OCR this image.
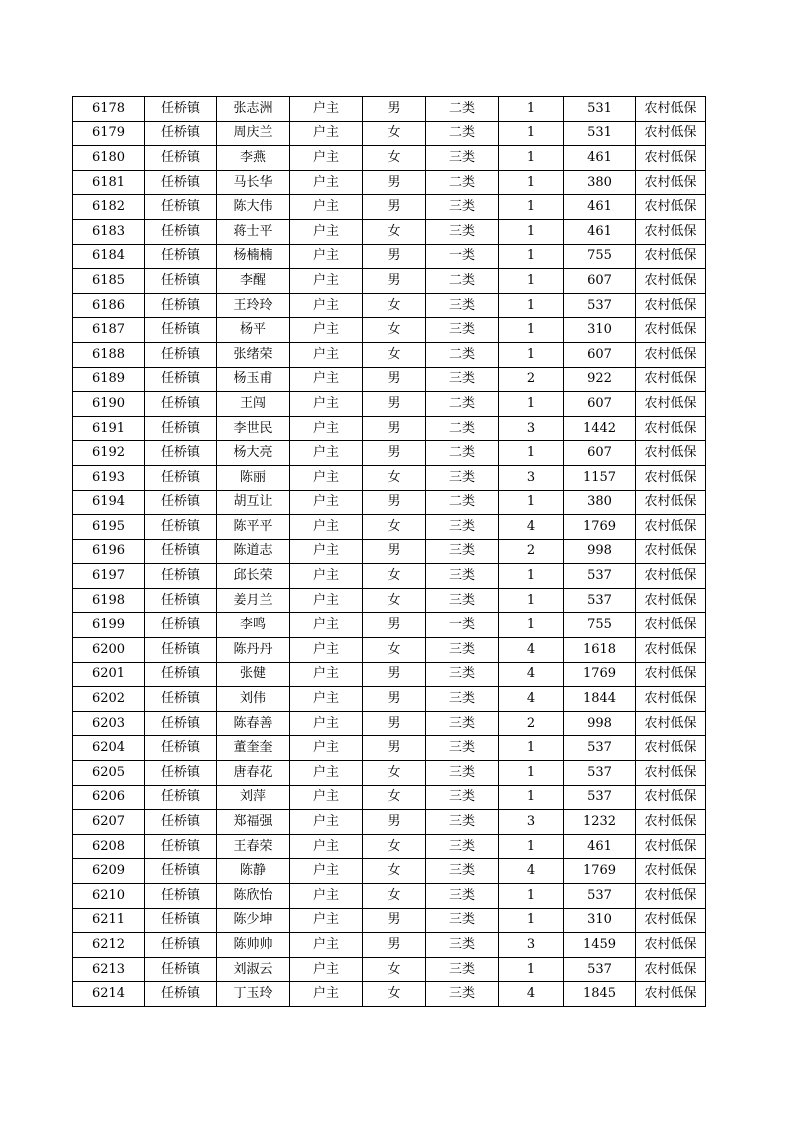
6178	任桥镇	张志洲	户主	男	二类	1	531	农村低保
6179	任桥镇	周庆兰	户主	女	二类	1	531	农村低保
6180	任桥镇	李燕	户主	女	三类	1	461	农村低保
6181	任桥镇	马长华	户主	男	二类	1	380	农村低保
6182	任桥镇	陈大伟	户主	男	三类	1	461	农村低保
6183	任桥镇	蒋士平	户主	女	三类	1	461	农村低保
6184	任桥镇	杨楠楠	户主	男	一类	1	755	农村低保
6185	任桥镇	李醒	户主	男	二类	1	607	农村低保
6186	任桥镇	王玲玲	户主	女	三类	1	537	农村低保
6187	任桥镇	杨平	户主	女	三类	1	310	农村低保
6188	任桥镇	张绪荣	户主	女	二类	1	607	农村低保
6189	任桥镇	杨玉甫	户主	男	三类	2	922	农村低保
6190	任桥镇	王闯	户主	男	二类	1	607	农村低保
6191	任桥镇	李世民	户主	男	二类	3	1442	农村低保
6192	任桥镇	杨大亮	户主	男	二类	1	607	农村低保
6193	任桥镇	陈丽	户主	女	三类	3	1157	农村低保
6194	任桥镇	胡互让	户主	男	二类	1	380	农村低保
6195	任桥镇	陈平平	户主	女	三类	4	1769	农村低保
6196	任桥镇	陈道志	户主	男	三类	2	998	农村低保
6197	任桥镇	邱长荣	户主	女	三类	1	537	农村低保
6198	任桥镇	姜月兰	户主	女	三类	1	537	农村低保
6199	任桥镇	李鸣	户主	男	一类	1	755	农村低保
6200	任桥镇	陈丹丹	户主	女	三类	4	1618	农村低保
6201	任桥镇	张健	户主	男	三类	4	1769	农村低保
6202	任桥镇	刘伟	户主	男	三类	4	1844	农村低保
6203	任桥镇	陈春善	户主	男	三类	2	998	农村低保
6204	任桥镇	董奎奎	户主	男	三类	1	537	农村低保
6205	任桥镇	唐春花	户主	女	三类	1	537	农村低保
6206	任桥镇	刘萍	户主	女	三类	1	537	农村低保
6207	任桥镇	郑福强	户主	男	三类	3	1232	农村低保
6208	任桥镇	王春荣	户主	女	三类	1	461	农村低保
6209	任桥镇	陈静	户主	女	三类	4	1769	农村低保
6210	任桥镇	陈欣怡	户主	女	三类	1	537	农村低保
6211	任桥镇	陈少坤	户主	男	三类	1	310	农村低保
6212	任桥镇	陈帅帅	户主	男	三类	3	1459	农村低保
6213	任桥镇	刘淑云	户主	女	三类	1	537	农村低保
6214	任桥镇	丁玉玲	户主	女	三类	4	1845	农村低保
